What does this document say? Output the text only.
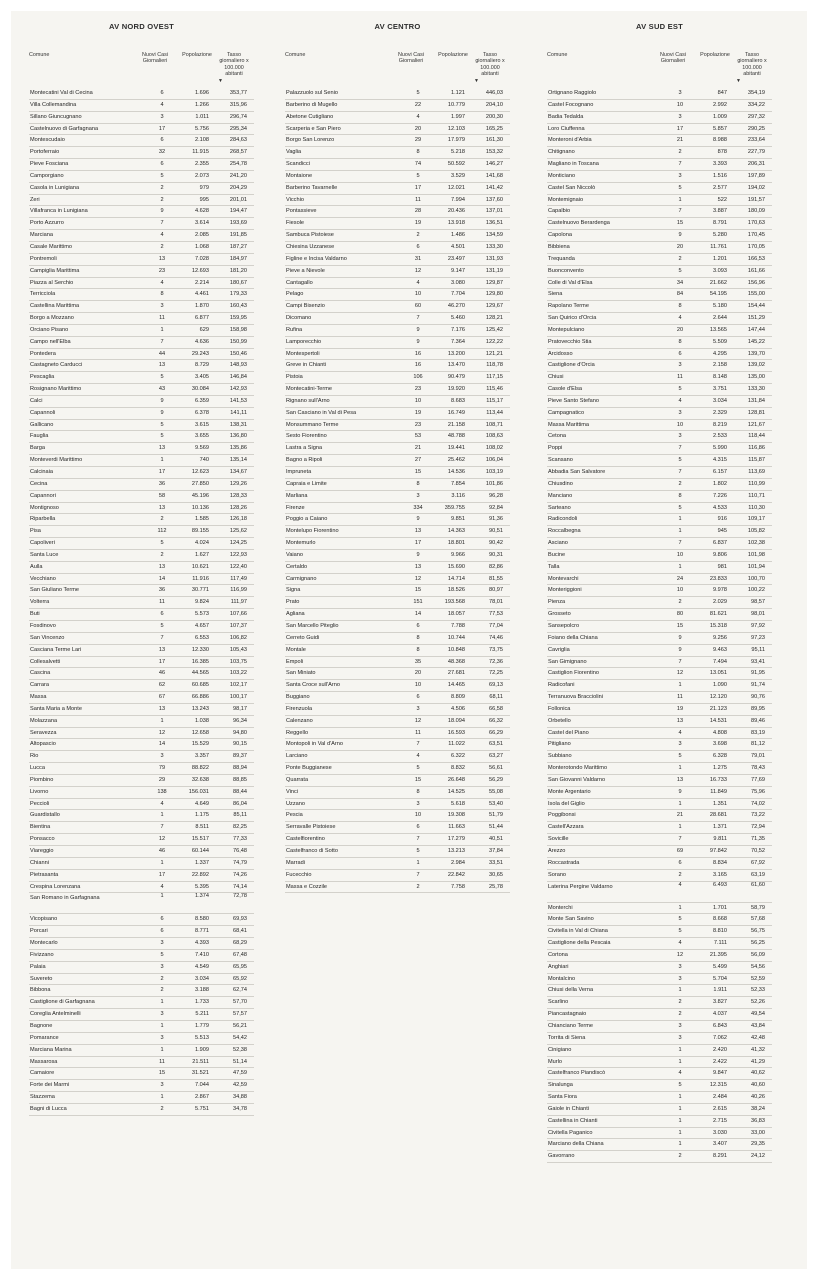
AV NORD OVEST
Comune	Nuovi Casi
Giornalieri
Popolazione	Tasso
giornaliero x
100.000
abitanti
▼
Montecatini Val di Cecina	6	1.696	353,77
Villa Collemandina	4	1.266	315,96
Sillano Giuncugnano	3	1.011	296,74
Castelnuovo di Garfagnana	17	5.756	295,34
Montescudaio	6	2.108	284,63
Portoferraio	32	11.915	268,57
Pieve Fosciana	6	2.355	254,78
Camporgiano	5	2.073	241,20
Casola in Lunigiana	2	979	204,29
Zeri	2	995	201,01
Villafranca in Lunigiana	9	4.628	194,47
Porto Azzurro	7	3.614	193,69
Marciana	4	2.085	191,85
Casale Marittimo	2	1.068	187,27
Pontremoli	13	7.028	184,97
Campiglia Marittima	23	12.693	181,20
Piazza al Serchio	4	2.214	180,67
Terricciola	8	4.461	179,33
Castellina Marittima	3	1.870	160,43
Borgo a Mozzano	11	6.877	159,95
Orciano Pisano	1	629	158,98
Campo nell'Elba	7	4.636	150,99
Pontedera	44	29.243	150,46
Castagneto Carducci	13	8.729	148,93
Pescaglia	5	3.405	146,84
Rosignano Marittimo	43	30.084	142,93
Calci	9	6.359	141,53
Capannoli	9	6.378	141,11
Gallicano	5	3.615	138,31
Fauglia	5	3.655	136,80
Barga	13	9.569	135,86
Monteverdi Marittimo	1	740	135,14
Calcinaia	17	12.623	134,67
Cecina	36	27.850	129,26
Capannori	58	45.196	128,33
Montignoso	13	10.136	128,26
Riparbella	2	1.585	126,18
Pisa	112	89.155	125,62
Capoliveri	5	4.024	124,25
Santa Luce	2	1.627	122,93
Aulla	13	10.621	122,40
Vecchiano	14	11.916	117,49
San Giuliano Terme	36	30.771	116,99
Volterra	11	9.824	111,97
Buti	6	5.573	107,66
Fosdinovo	5	4.657	107,37
San Vincenzo	7	6.553	106,82
Casciana Terme Lari	13	12.330	105,43
Collesalvetti	17	16.385	103,75
Cascina	46	44.565	103,22
Carrara	62	60.685	102,17
Massa	67	66.886	100,17
Santa Maria a Monte	13	13.243	98,17
Molazzana	1	1.038	96,34
Seravezza	12	12.658	94,80
Altopascio	14	15.529	90,15
Rio	3	3.357	89,37
Lucca	79	88.822	88,94
Piombino	29	32.638	88,85
Livorno	138	156.031	88,44
Peccioli	4	4.649	86,04
Guardistallo	1	1.175	85,11
Bientina	7	8.511	82,25
Ponsacco	12	15.517	77,33
Viareggio	46	60.144	76,48
Chianni	1	1.337	74,79
Pietrasanta	17	22.892	74,26
Crespina Lorenzana	4	5.395	74,14
San Romano in Garfagnana	1	1.374	72,78
Vicopisano	6	8.580	69,93
Porcari	6	8.771	68,41
Montecarlo	3	4.393	68,29
Fivizzano	5	7.410	67,48
Palaia	3	4.549	65,95
Suvereto	2	3.034	65,92
Bibbona	2	3.188	62,74
Castiglione di Garfagnana	1	1.733	57,70
Coreglia Antelminelli	3	5.211	57,57
Bagnone	1	1.779	56,21
Pomarance	3	5.513	54,42
Marciana Marina	1	1.909	52,38
Massarosa	11	21.511	51,14
Camaiore	15	31.521	47,59
Forte dei Marmi	3	7.044	42,59
Stazzema	1	2.867	34,88
Bagni di Lucca	2	5.751	34,78
AV CENTRO
Comune	Nuovi Casi
Giornalieri
Popolazione	Tasso
giornaliero x
100.000
abitanti
▼
Palazzuolo sul Senio	5	1.121	446,03
Barberino di Mugello	22	10.779	204,10
Abetone Cutigliano	4	1.997	200,30
Scarperia e San Piero	20	12.103	165,25
Borgo San Lorenzo	29	17.979	161,30
Vaglia	8	5.218	153,32
Scandicci	74	50.592	146,27
Montaione	5	3.529	141,68
Barberino Tavarnelle	17	12.021	141,42
Vicchio	11	7.994	137,60
Pontassieve	28	20.436	137,01
Fiesole	19	13.918	136,51
Sambuca Pistoiese	2	1.486	134,59
Chiesina Uzzanese	6	4.501	133,30
Figline e Incisa Valdarno	31	23.497	131,93
Pieve a Nievole	12	9.147	131,19
Cantagallo	4	3.080	129,87
Pelago	10	7.704	129,80
Campi Bisenzio	60	46.270	129,67
Dicomano	7	5.460	128,21
Rufina	9	7.176	125,42
Lamporecchio	9	7.364	122,22
Montespertoli	16	13.200	121,21
Greve in Chianti	16	13.470	118,78
Pistoia	106	90.479	117,15
Montecatini-Terme	23	19.920	115,46
Rignano sull'Arno	10	8.683	115,17
San Casciano in Val di Pesa	19	16.749	113,44
Monsummano Terme	23	21.158	108,71
Sesto Fiorentino	53	48.788	108,63
Lastra a Signa	21	19.441	108,02
Bagno a Ripoli	27	25.462	106,04
Impruneta	15	14.536	103,19
Capraia e Limite	8	7.854	101,86
Marliana	3	3.116	96,28
Firenze	334	359.755	92,84
Poggio a Caiano	9	9.851	91,36
Montelupo Fiorentino	13	14.363	90,51
Montemurlo	17	18.801	90,42
Vaiano	9	9.966	90,31
Certaldo	13	15.690	82,86
Carmignano	12	14.714	81,55
Signa	15	18.526	80,97
Prato	151	193.568	78,01
Agliana	14	18.057	77,53
San Marcello Piteglio	6	7.788	77,04
Cerreto Guidi	8	10.744	74,46
Montale	8	10.848	73,75
Empoli	35	48.368	72,36
San Miniato	20	27.681	72,25
Santa Croce sull'Arno	10	14.465	69,13
Buggiano	6	8.809	68,11
Firenzuola	3	4.506	66,58
Calenzano	12	18.094	66,32
Reggello	11	16.593	66,29
Montopoli in Val d'Arno	7	11.022	63,51
Larciano	4	6.322	63,27
Ponte Buggianese	5	8.832	56,61
Quarrata	15	26.648	56,29
Vinci	8	14.525	55,08
Uzzano	3	5.618	53,40
Pescia	10	19.308	51,79
Serravalle Pistoiese	6	11.663	51,44
Castelfiorentino	7	17.279	40,51
Castelfranco di Sotto	5	13.213	37,84
Marradi	1	2.984	33,51
Fucecchio	7	22.842	30,65
Massa e Cozzile	2	7.758	25,78
AV SUD EST
Comune	Nuovi Casi
Giornalieri
Popolazione	Tasso
giornaliero x
100.000
abitanti
▼
Ortignano Raggiolo	3	847	354,19
Castel Focognano	10	2.992	334,22
Badia Tedalda	3	1.009	297,32
Loro Ciuffenna	17	5.857	290,25
Monteroni d'Arbia	21	8.988	233,64
Chitignano	2	878	227,79
Magliano in Toscana	7	3.393	206,31
Monticiano	3	1.516	197,89
Castel San Niccolò	5	2.577	194,02
Montemignaio	1	522	191,57
Capalbio	7	3.887	180,09
Castelnuovo Berardenga	15	8.791	170,63
Capolona	9	5.280	170,45
Bibbiena	20	11.761	170,05
Trequanda	2	1.201	166,53
Buonconvento	5	3.093	161,66
Colle di Val d'Elsa	34	21.662	156,96
Siena	84	54.195	155,00
Rapolano Terme	8	5.180	154,44
San Quirico d'Orcia	4	2.644	151,29
Montepulciano	20	13.565	147,44
Pratovecchio Stia	8	5.509	145,22
Arcidosso	6	4.295	139,70
Castiglione d'Orcia	3	2.158	139,02
Chiusi	11	8.148	135,00
Casole d'Elsa	5	3.751	133,30
Pieve Santo Stefano	4	3.034	131,84
Campagnatico	3	2.329	128,81
Massa Marittima	10	8.219	121,67
Cetona	3	2.533	118,44
Poppi	7	5.990	116,86
Scansano	5	4.315	115,87
Abbadia San Salvatore	7	6.157	113,69
Chiusdino	2	1.802	110,99
Manciano	8	7.226	110,71
Sarteano	5	4.533	110,30
Radicondoli	1	916	109,17
Roccalbegna	1	945	105,82
Asciano	7	6.837	102,38
Bucine	10	9.806	101,98
Talla	1	981	101,94
Montevarchi	24	23.833	100,70
Monteriggioni	10	9.978	100,22
Pienza	2	2.029	98,57
Grosseto	80	81.621	98,01
Sansepolcro	15	15.318	97,92
Foiano della Chiana	9	9.256	97,23
Cavriglia	9	9.463	95,11
San Gimignano	7	7.494	93,41
Castiglion Fiorentino	12	13.051	91,95
Radicofani	1	1.090	91,74
Terranuova Bracciolini	11	12.120	90,76
Follonica	19	21.123	89,95
Orbetello	13	14.531	89,46
Castel del Piano	4	4.808	83,19
Pitigliano	3	3.698	81,12
Subbiano	5	6.328	79,01
Monterotondo Marittimo	1	1.275	78,43
San Giovanni Valdarno	13	16.733	77,69
Monte Argentario	9	11.849	75,96
Isola del Giglio	1	1.351	74,02
Poggibonsi	21	28.681	73,22
Castell'Azzara	1	1.371	72,94
Sovicille	7	9.811	71,35
Arezzo	69	97.842	70,52
Roccastrada	6	8.834	67,92
Sorano	2	3.165	63,19
Laterina Pergine Valdarno	4	6.493	61,60
Monterchi	1	1.701	58,79
Monte San Savino	5	8.668	57,68
Civitella in Val di Chiana	5	8.810	56,75
Castiglione della Pescaia	4	7.111	56,25
Cortona	12	21.395	56,09
Anghiari	3	5.499	54,56
Montalcino	3	5.704	52,59
Chiusi della Verna	1	1.911	52,33
Scarlino	2	3.827	52,26
Piancastagnaio	2	4.037	49,54
Chianciano Terme	3	6.843	43,84
Torrita di Siena	3	7.062	42,48
Cinigiano	1	2.420	41,32
Murlo	1	2.422	41,29
Castelfranco Piandiscò	4	9.847	40,62
Sinalunga	5	12.315	40,60
Santa Fiora	1	2.484	40,26
Gaiole in Chianti	1	2.615	38,24
Castellina in Chianti	1	2.715	36,83
Civitella Paganico	1	3.030	33,00
Marciano della Chiana	1	3.407	29,35
Gavorrano	2	8.291	24,12
